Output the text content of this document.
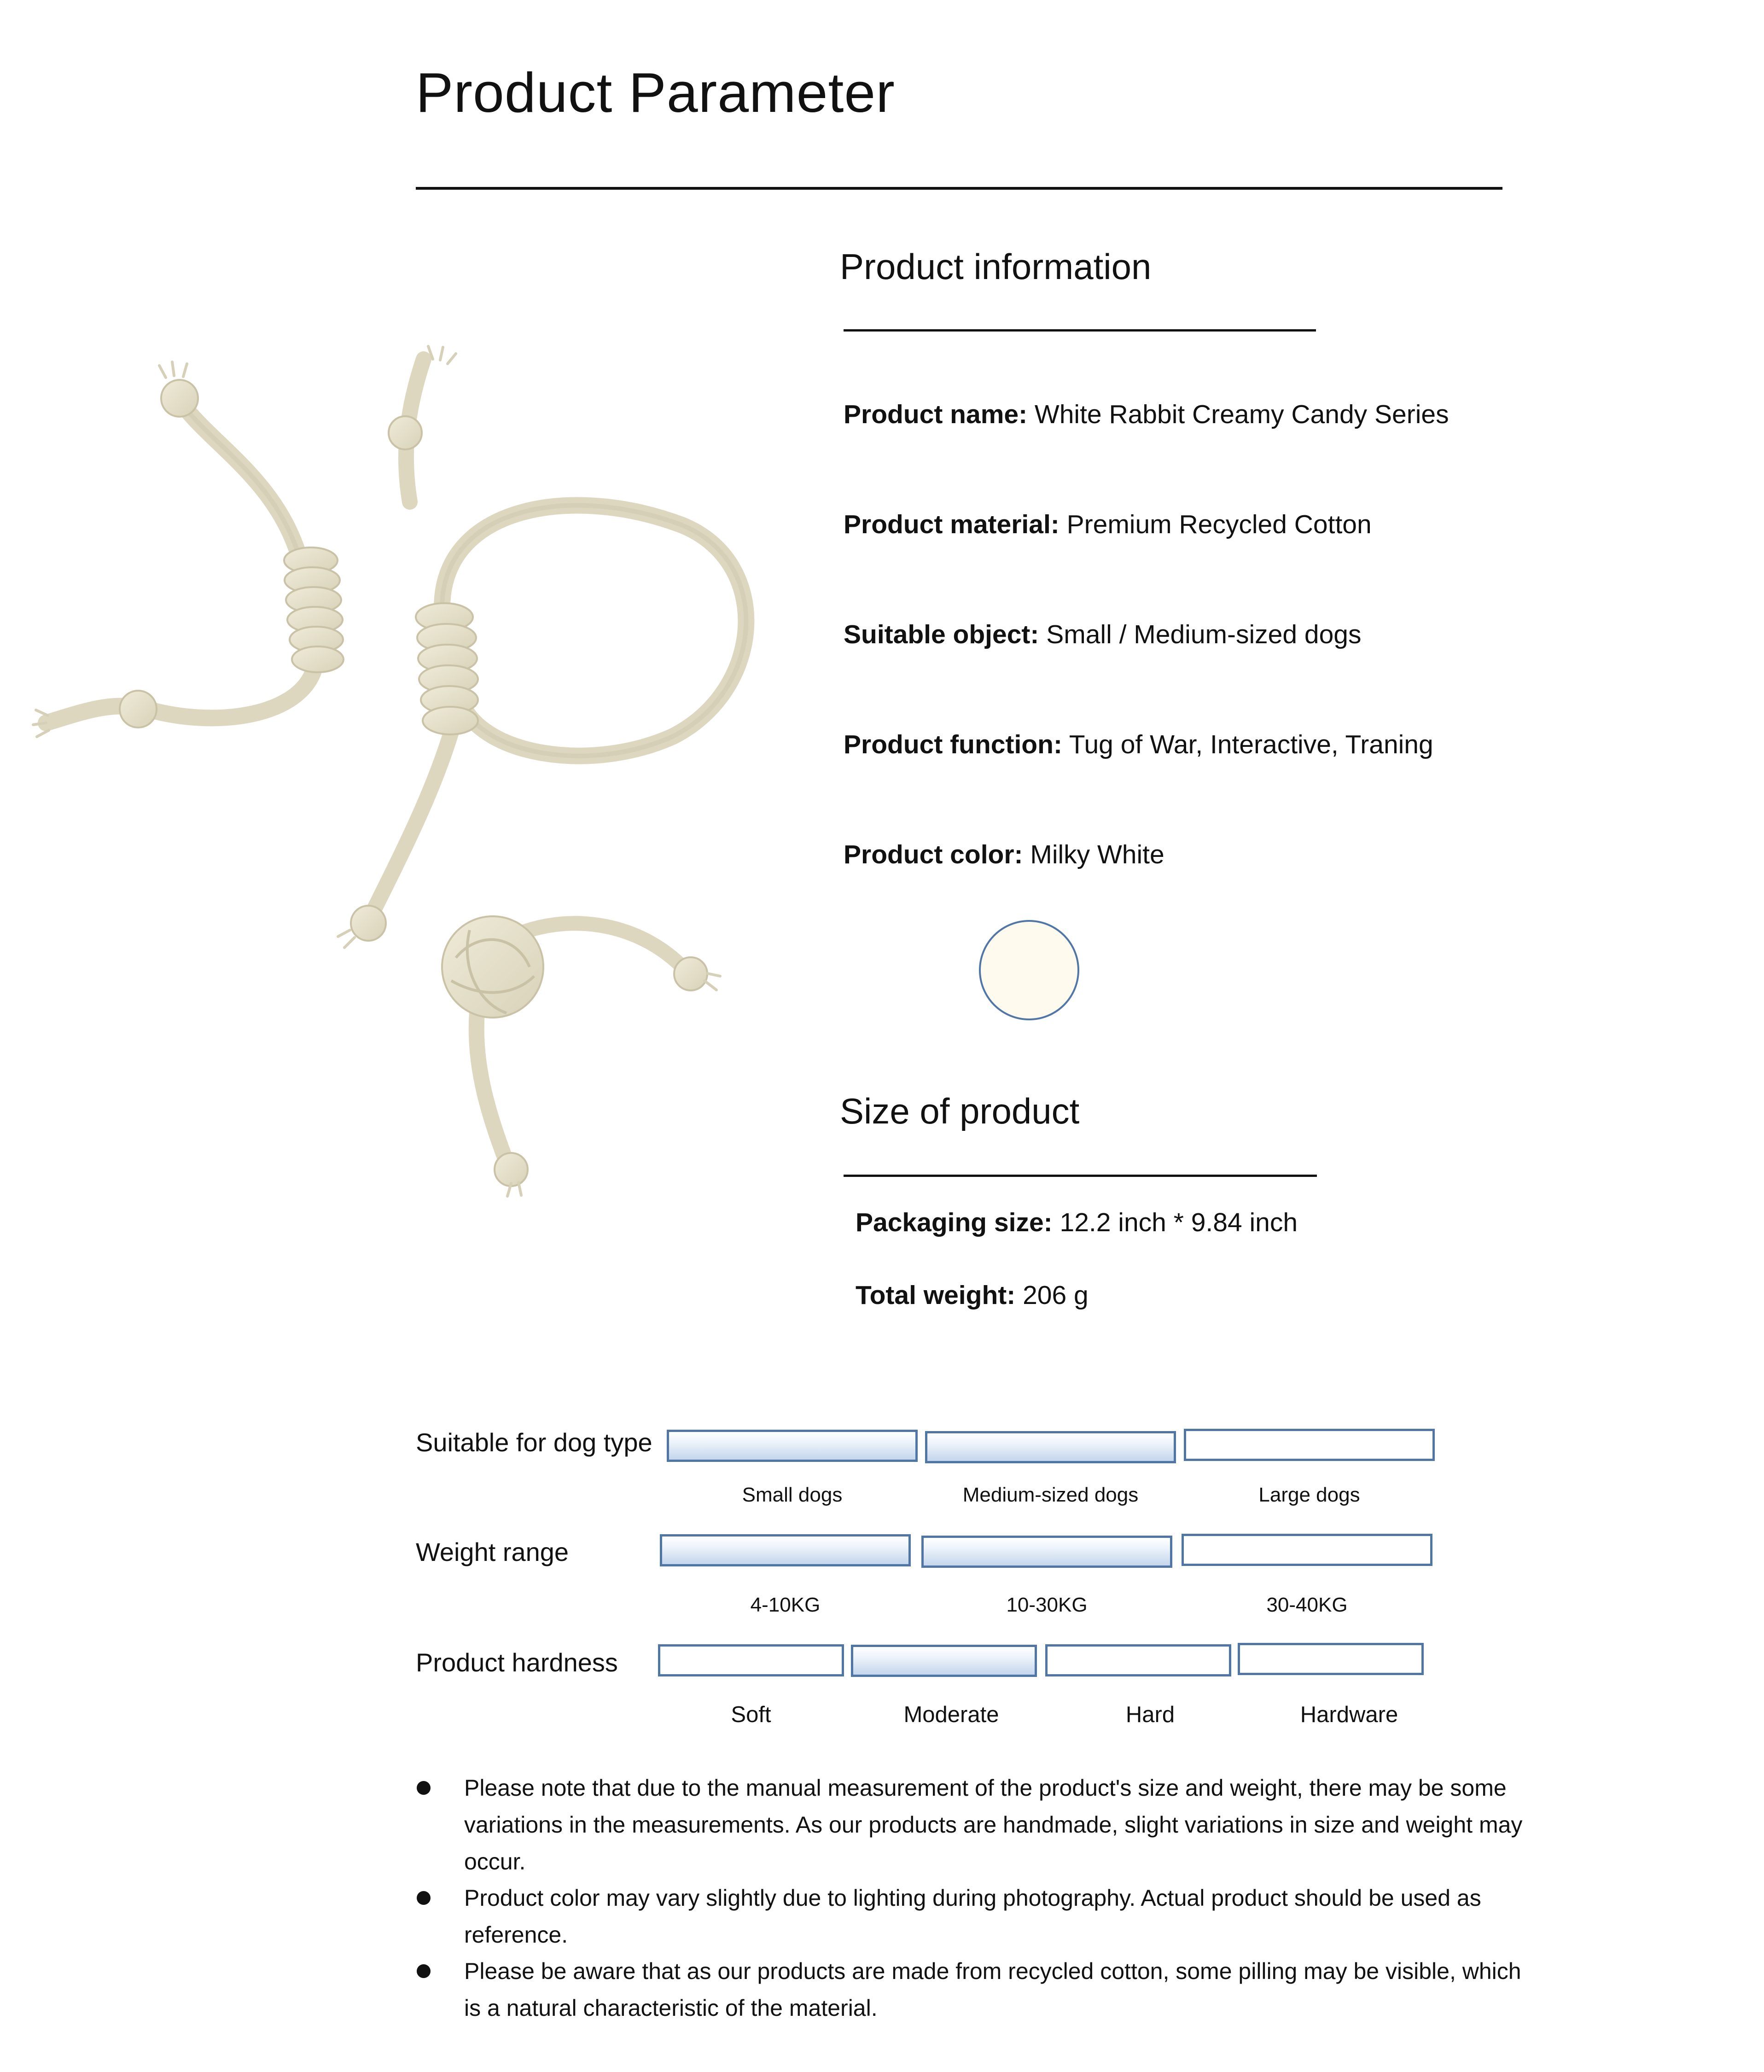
Product Parameter
Product information
Product name: White Rabbit Creamy Candy Series
Product material: Premium Recycled Cotton
Suitable object: Small / Medium-sized dogs
Product function: Tug of War, Interactive, Traning
Product color: Milky White
Size of product
Packaging size: 12.2 inch * 9.84 inch
Total weight: 206 g
Suitable for dog type
Small dogs	Medium-sized dogs	Large dogs
Weight range
4-10KG	10-30KG	30-40KG
Product hardness
Soft	Moderate	Hard	Hardware
Please note that due to the manual measurement of the product's size and weight, there may be some variations in the measurements. As our products are handmade, slight variations in size and weight may occur.
Product color may vary slightly due to lighting during photography. Actual product should be used as reference.
Please be aware that as our products are made from recycled cotton, some pilling may be visible, which is a natural characteristic of the material.
